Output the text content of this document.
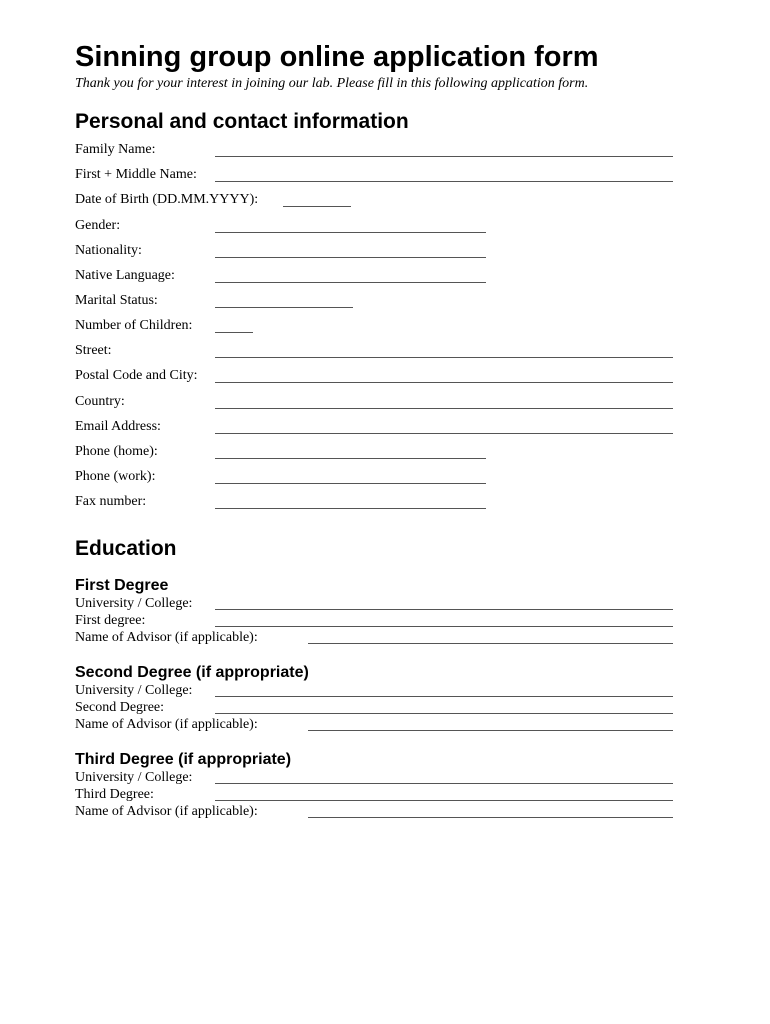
Sinning group online application form
Thank you for your interest in joining our lab. Please fill in this following application form.
Personal and contact information
Family Name:
First + Middle Name:
Date of Birth (DD.MM.YYYY):
Gender:
Nationality:
Native Language:
Marital Status:
Number of Children:
Street:
Postal Code and City:
Country:
Email Address:
Phone (home):
Phone (work):
Fax number:
Education
First Degree
University / College:
First degree:
Name of Advisor (if applicable):
Second Degree (if appropriate)
University / College:
Second Degree:
Name of Advisor (if applicable):
Third Degree (if appropriate)
University / College:
Third Degree:
Name of Advisor (if applicable):
